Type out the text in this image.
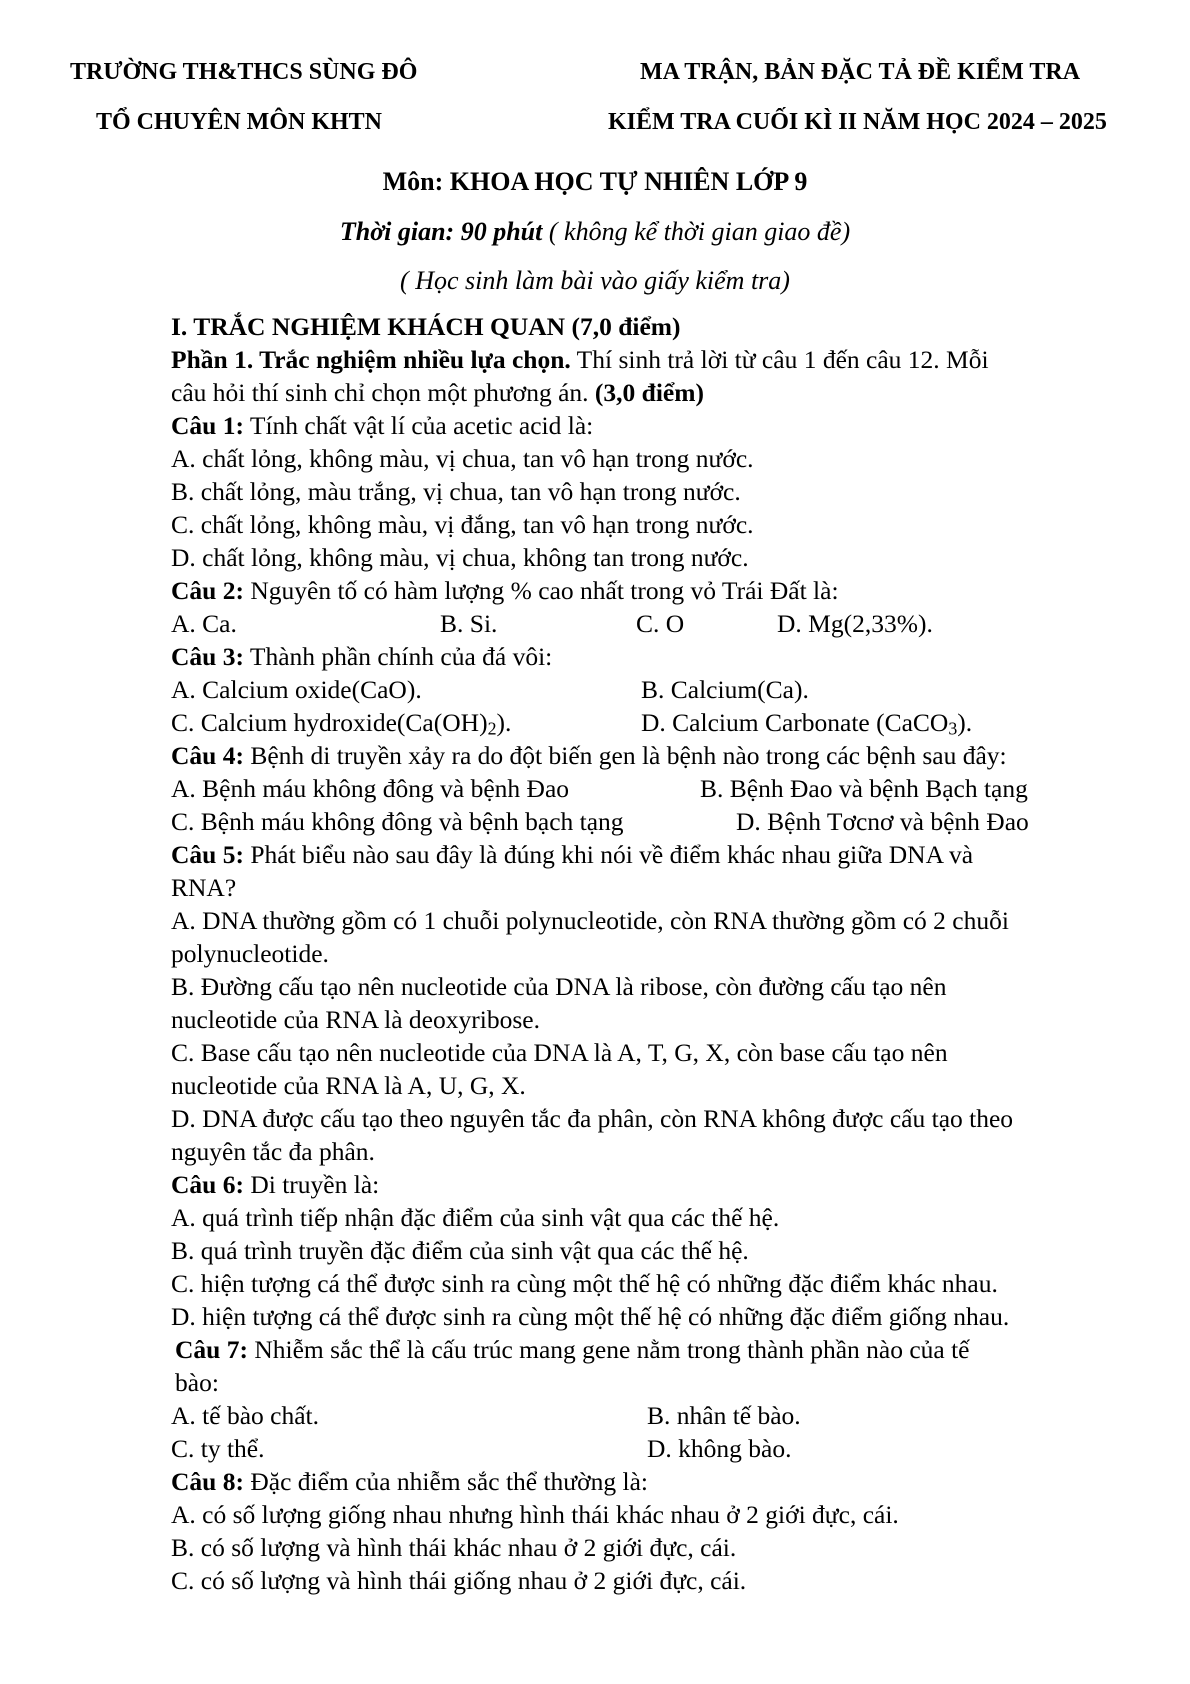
TRƯỜNG TH&THCS SÙNG ĐÔ
TỔ CHUYÊN MÔN KHTN
MA TRẬN, BẢN ĐẶC TẢ ĐỀ KIỂM TRA
KIỂM TRA CUỐI KÌ II NĂM HỌC 2024 – 2025
Môn: KHOA HỌC TỰ NHIÊN LỚP 9
Thời gian: 90 phút ( không kể thời gian giao đề)
( Học sinh làm bài vào giấy kiểm tra)
I. TRẮC NGHIỆM KHÁCH QUAN (7,0 điểm)
Phần 1. Trắc nghiệm nhiều lựa chọn. Thí sinh trả lời từ câu 1 đến câu 12. Mỗi
câu hỏi thí sinh chỉ chọn một phương án. (3,0 điểm)
Câu 1: Tính chất vật lí của acetic acid là:
A. chất lỏng, không màu, vị chua, tan vô hạn trong nước.
B. chất lỏng, màu trắng, vị chua, tan vô hạn trong nước.
C. chất lỏng, không màu, vị đắng, tan vô hạn trong nước.
D. chất lỏng, không màu, vị chua, không tan trong nước.
Câu 2: Nguyên tố có hàm lượng % cao nhất trong vỏ Trái Đất là:
A. Ca.	B. Si.	C. O	D. Mg(2,33%).
Câu 3: Thành phần chính của đá vôi:
A. Calcium oxide(CaO).	B. Calcium(Ca).
C. Calcium $hydroxide(Ca(OH)_2)$.	D. Calcium Carbonate (CaCO$_3$).
Câu 4: Bệnh di truyền xảy ra do đột biến gen là bệnh nào trong các bệnh sau đây:
A. Bệnh máu không đông và bệnh Đao	B. Bệnh Đao và bệnh Bạch tạng
C. Bệnh máu không đông và bệnh bạch tạng	D. Bệnh Tơcnơ và bệnh Đao
Câu 5: Phát biểu nào sau đây là đúng khi nói về điểm khác nhau giữa DNA và
RNA?
A. DNA thường gồm có 1 chuỗi polynucleotide, còn RNA thường gồm có 2 chuỗi
polynucleotide.
B. Đường cấu tạo nên nucleotide của DNA là ribose, còn đường cấu tạo nên
nucleotide của RNA là deoxyribose.
C. Base cấu tạo nên nucleotide của DNA là A, T, G, X, còn base cấu tạo nên
nucleotide của RNA là A, U, G, X.
D. DNA được cấu tạo theo nguyên tắc đa phân, còn RNA không được cấu tạo theo
nguyên tắc đa phân.
Câu 6: Di truyền là:
A. quá trình tiếp nhận đặc điểm của sinh vật qua các thế hệ.
B. quá trình truyền đặc điểm của sinh vật qua các thế hệ.
C. hiện tượng cá thể được sinh ra cùng một thế hệ có những đặc điểm khác nhau.
D. hiện tượng cá thể được sinh ra cùng một thế hệ có những đặc điểm giống nhau.
Câu 7: Nhiễm sắc thể là cấu trúc mang gene nằm trong thành phần nào của tế
bào:
A. tế bào chất.	B. nhân tế bào.
C. ty thể.	D. không bào.
Câu 8: Đặc điểm của nhiễm sắc thể thường là:
A. có số lượng giống nhau nhưng hình thái khác nhau ở 2 giới đực, cái.
B. có số lượng và hình thái khác nhau ở 2 giới đực, cái.
C. có số lượng và hình thái giống nhau ở 2 giới đực, cái.
